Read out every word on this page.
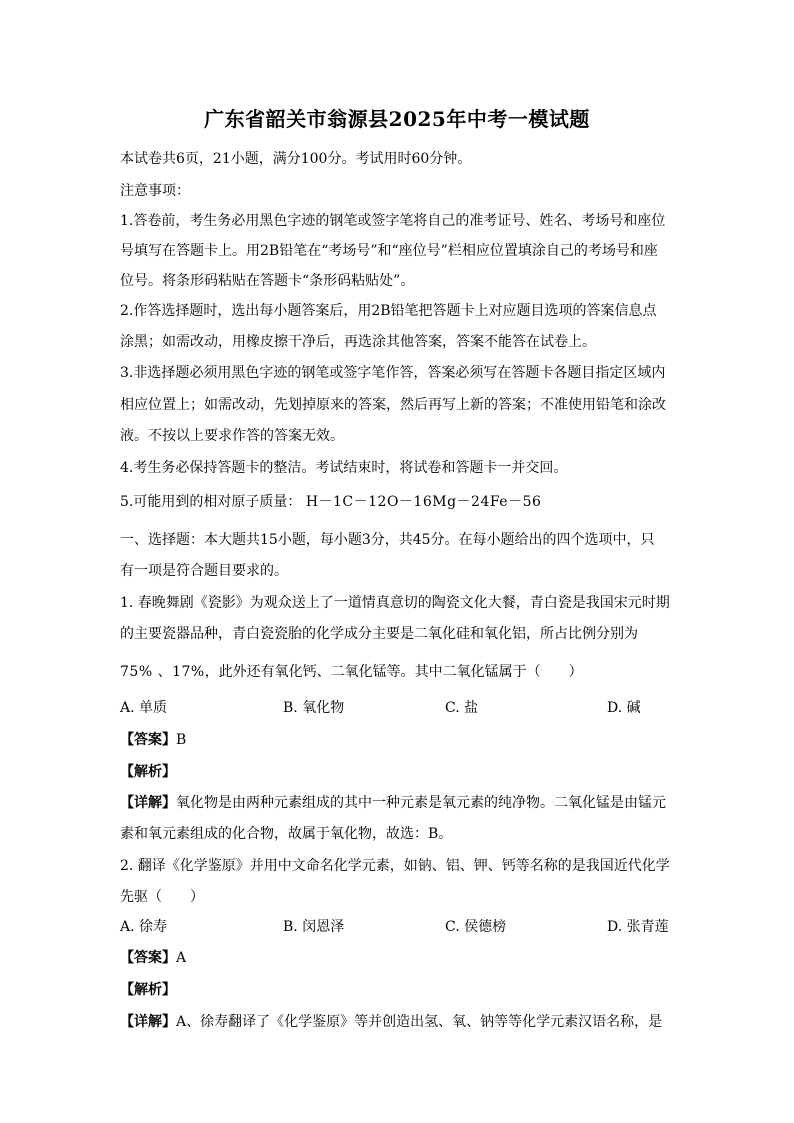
广东省韶关市翁源县2025年中考一模试题
本试卷共6页，21小题，满分100分。考试用时60分钟。
注意事项：
1.答卷前，考生务必用黑色字迹的钢笔或签字笔将自己的准考证号、姓名、考场号和座位
号填写在答题卡上。用2B铅笔在“考场号”和“座位号”栏相应位置填涂自己的考场号和座
位号。将条形码粘贴在答题卡“条形码粘贴处”。
2.作答选择题时，选出每小题答案后，用2B铅笔把答题卡上对应题目选项的答案信息点
涂黑；如需改动，用橡皮擦干净后，再选涂其他答案，答案不能答在试卷上。
3.非选择题必须用黑色字迹的钢笔或签字笔作答，答案必须写在答题卡各题目指定区域内
相应位置上；如需改动，先划掉原来的答案，然后再写上新的答案；不准使用铅笔和涂改
液。不按以上要求作答的答案无效。
4.考生务必保持答题卡的整洁。考试结束时，将试卷和答题卡一并交回。
5.可能用到的相对原子质量： H－1C－12O－16Mg－24Fe－56
一、选择题：本大题共15小题，每小题3分，共45分。在每小题给出的四个选项中，只
有一项是符合题目要求的。
1. 春晚舞剧《瓷影》为观众送上了一道情真意切的陶瓷文化大餐，青白瓷是我国宋元时期
的主要瓷器品种，青白瓷瓷胎的化学成分主要是二氧化硅和氧化铝，所占比例分别为
75% 、17%，此外还有氧化钙、二氧化锰等。其中二氧化锰属于（　　）
A. 单质	B. 氧化物	C. 盐	D. 碱
【答案】B
【解析】
【详解】氧化物是由两种元素组成的其中一种元素是氧元素的纯净物。二氧化锰是由锰元
素和氧元素组成的化合物，故属于氧化物，故选：B。
2. 翻译《化学鉴原》并用中文命名化学元素，如钠、铝、钾、钙等名称的是我国近代化学
先驱（　　）
A. 徐寿	B. 闵恩泽	C. 侯德榜	D. 张青莲
【答案】A
【解析】
【详解】A、徐寿翻译了《化学鉴原》等并创造出氢、氧、钠等等化学元素汉语名称，是
